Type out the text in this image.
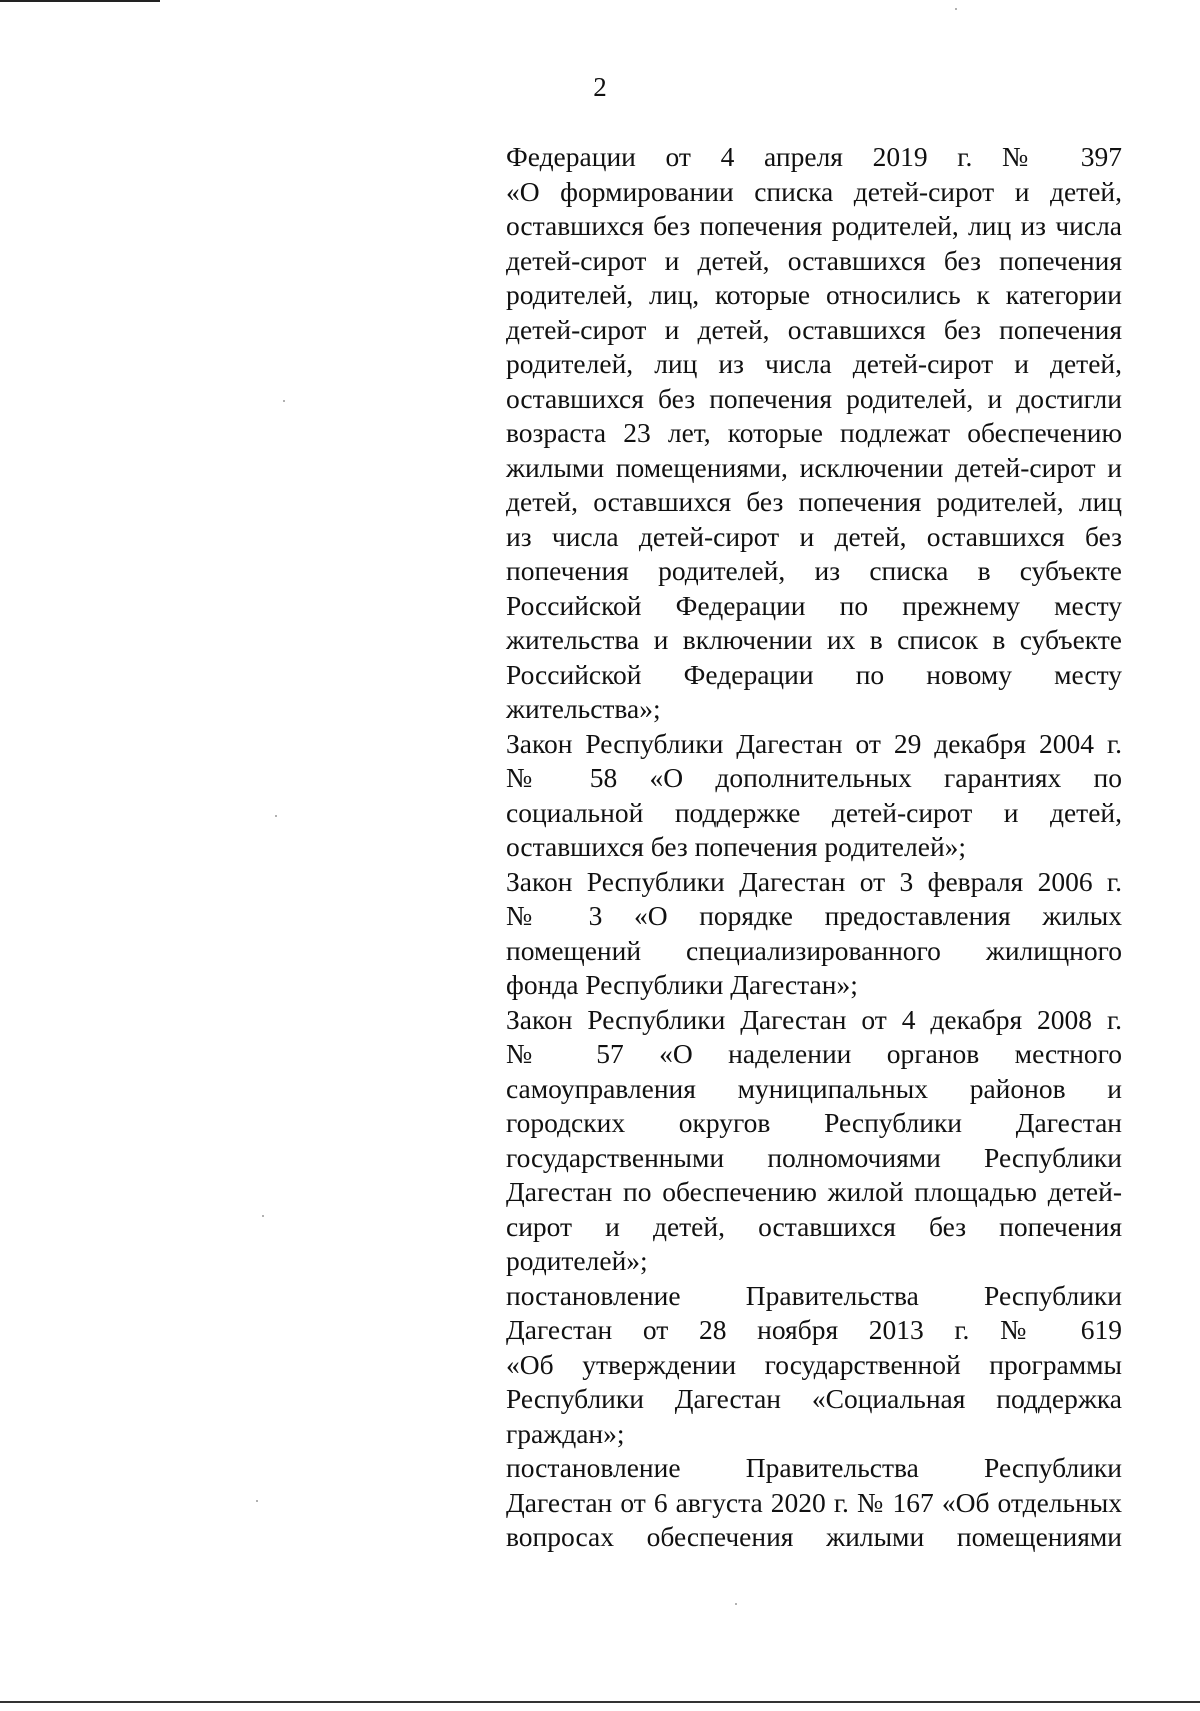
2
Федерации от 4 апреля 2019 г. № 397
«О формировании списка детей-сирот и детей,
оставшихся без попечения родителей, лиц из числа
детей-сирот и детей, оставшихся без попечения
родителей, лиц, которые относились к категории
детей-сирот и детей, оставшихся без попечения
родителей, лиц из числа детей-сирот и детей,
оставшихся без попечения родителей, и достигли
возраста 23 лет, которые подлежат обеспечению
жилыми помещениями, исключении детей-сирот и
детей, оставшихся без попечения родителей, лиц
из числа детей-сирот и детей, оставшихся без
попечения родителей, из списка в субъекте
Российской Федерации по прежнему месту
жительства и включении их в список в субъекте
Российской Федерации по новому месту
жительства»;
Закон Республики Дагестан от 29 декабря 2004 г.
№ 58 «О дополнительных гарантиях по
социальной поддержке детей-сирот и детей,
оставшихся без попечения родителей»;
Закон Республики Дагестан от 3 февраля 2006 г.
№ 3 «О порядке предоставления жилых
помещений специализированного жилищного
фонда Республики Дагестан»;
Закон Республики Дагестан от 4 декабря 2008 г.
№ 57 «О наделении органов местного
самоуправления муниципальных районов и
городских округов Республики Дагестан
государственными полномочиями Республики
Дагестан по обеспечению жилой площадью детей-
сирот и детей, оставшихся без попечения
родителей»;
постановление Правительства Республики
Дагестан от 28 ноября 2013 г. № 619
«Об утверждении государственной программы
Республики Дагестан «Социальная поддержка
граждан»;
постановление Правительства Республики
Дагестан от 6 августа 2020 г. № 167 «Об отдельных
вопросах обеспечения жилыми помещениями
